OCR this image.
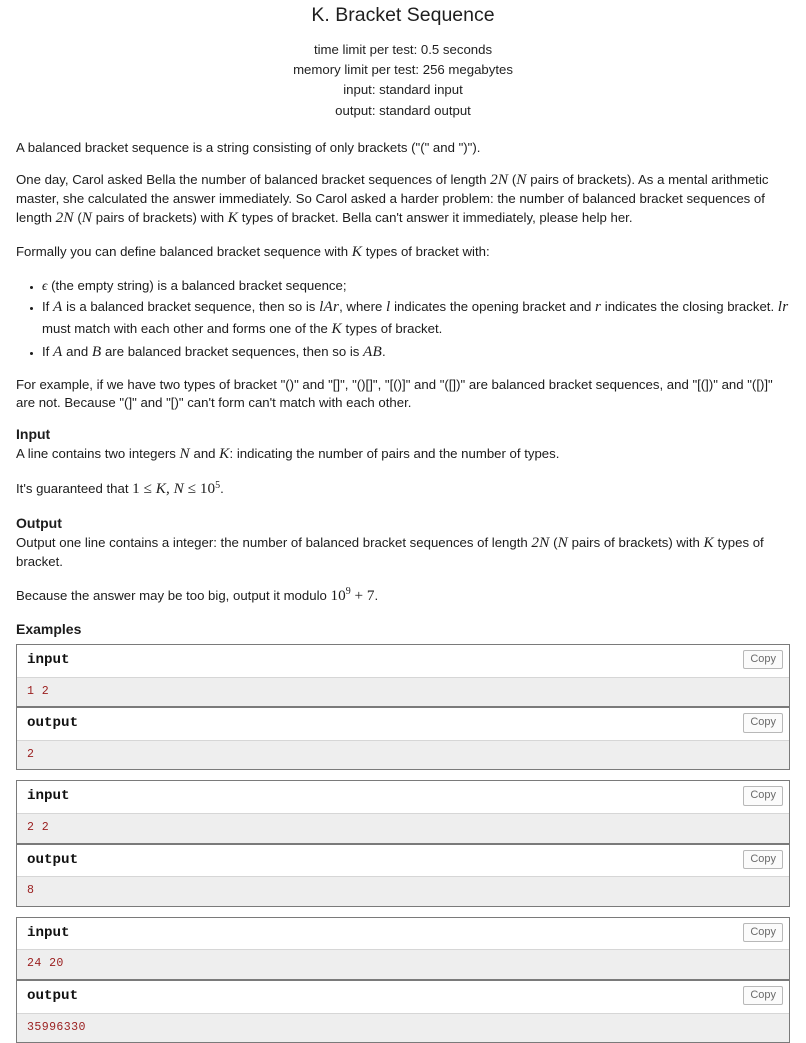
K. Bracket Sequence
time limit per test: 0.5 seconds
memory limit per test: 256 megabytes
input: standard input
output: standard output

A balanced bracket sequence is a string consisting of only brackets ("(" and ")").

One day, Carol asked Bella the number of balanced bracket sequences of length 2N (N pairs of brackets). As a mental arithmetic master, she calculated the answer immediately. So Carol asked a harder problem: the number of balanced bracket sequences of length 2N (N pairs of brackets) with K types of bracket. Bella can't answer it immediately, please help her.

Formally you can define balanced bracket sequence with K types of bracket with:

• ϵ (the empty string) is a balanced bracket sequence;
• If A is a balanced bracket sequence, then so is lAr, where l indicates the opening bracket and r indicates the closing bracket. lr must match with each other and forms one of the K types of bracket.
• If A and B are balanced bracket sequences, then so is AB.

For example, if we have two types of bracket "()" and "[]", "()[]", "[()]" and "([])" are balanced bracket sequences, and "[(])" and "([)]" are not. Because "(]" and "[)" can't form can't match with each other.

Input

A line contains two integers N and K: indicating the number of pairs and the number of types.

It's guaranteed that 1 ≤ K, $N \le 10^5$.

Output

Output one line contains a integer: the number of balanced bracket sequences of length 2N (N pairs of brackets) with K types of bracket.

Because the answer may be too big, output it modulo $10^9 + 7$.

Examples
input	Copy
1 2
output	Copy
2
input	Copy
2 2
output	Copy
8
input	Copy
24 20
output	Copy
35996330
